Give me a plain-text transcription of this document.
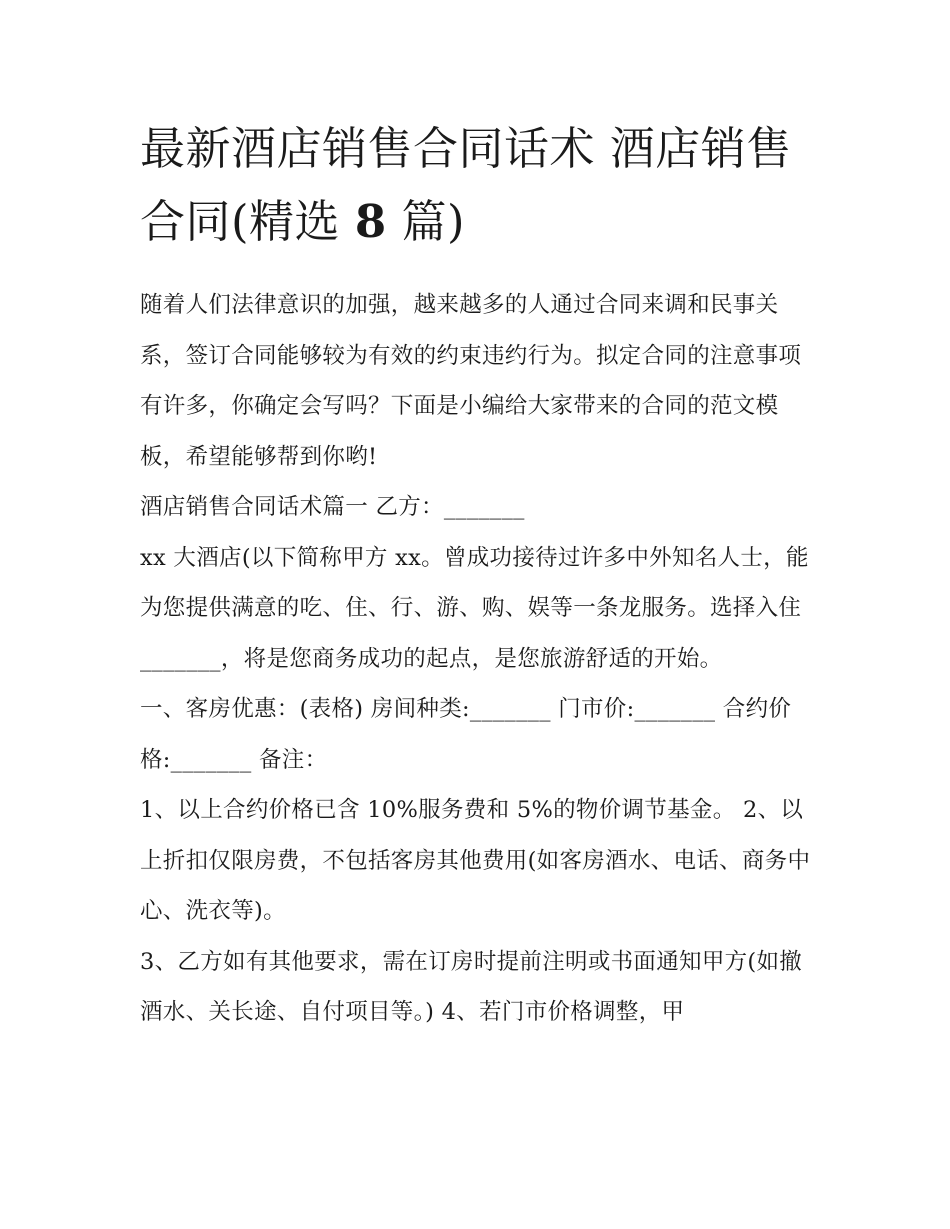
最新酒店销售合同话术 酒店销售合同(精选 8 篇)

随着人们法律意识的加强，越来越多的人通过合同来调和民事关系，签订合同能够较为有效的约束违约行为。拟定合同的注意事项有许多，你确定会写吗？下面是小编给大家带来的合同的范文模板，希望能够帮到你哟!

酒店销售合同话术篇一 乙方：_______

xx 大酒店(以下简称甲方 xx。曾成功接待过许多中外知名人士，能为您提供满意的吃、住、行、游、购、娱等一条龙服务。选择入住_______，将是您商务成功的起点，是您旅游舒适的开始。

一、客房优惠：(表格) 房间种类:_______ 门市价:_______ 合约价格:_______ 备注：

1、以上合约价格已含 10%服务费和 5%的物价调节基金。 2、以上折扣仅限房费，不包括客房其他费用(如客房酒水、电话、商务中心、洗衣等)。

3、乙方如有其他要求，需在订房时提前注明或书面通知甲方(如撤酒水、关长途、自付项目等。) 4、若门市价格调整，甲
